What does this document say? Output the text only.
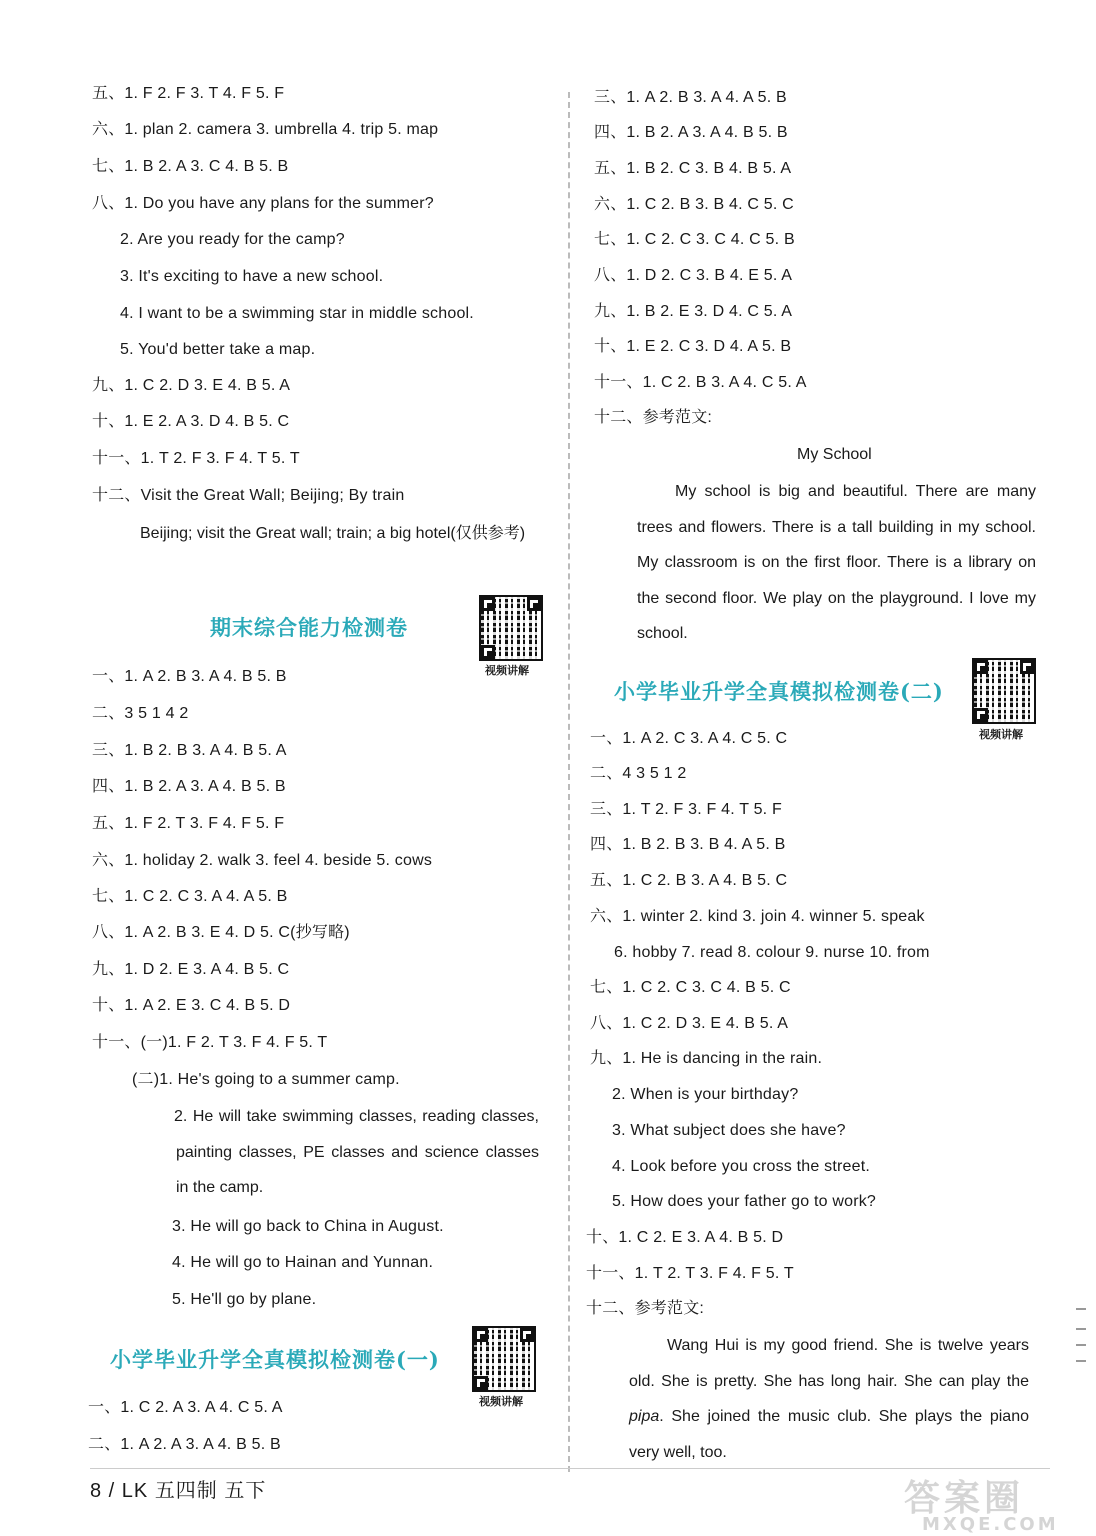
五、1. F 2. F 3. T 4. F 5. F
六、1. plan 2. camera 3. umbrella 4. trip 5. map
七、1. B 2. A 3. C 4. B 5. B
八、1. Do you have any plans for the summer?
2. Are you ready for the camp?
3. It's exciting to have a new school.
4. I want to be a swimming star in middle school.
5. You'd better take a map.
九、1. C 2. D 3. E 4. B 5. A
十、1. E 2. A 3. D 4. B 5. C
十一、1. T 2. F 3. F 4. T 5. T
十二、Visit the Great Wall; Beijing; By train
Beijing; visit the Great wall; train; a big hotel(仅供参考)
期末综合能力检测卷
视频讲解
一、1. A 2. B 3. A 4. B 5. B
二、3 5 1 4 2
三、1. B 2. B 3. A 4. B 5. A
四、1. B 2. A 3. A 4. B 5. B
五、1. F 2. T 3. F 4. F 5. F
六、1. holiday 2. walk 3. feel 4. beside 5. cows
七、1. C 2. C 3. A 4. A 5. B
八、1. A 2. B 3. E 4. D 5. C(抄写略)
九、1. D 2. E 3. A 4. B 5. C
十、1. A 2. E 3. C 4. B 5. D
十一、(一)1. F 2. T 3. F 4. F 5. T
(二)1. He's going to a summer camp.
2. He will take swimming classes, reading classes, painting classes, PE classes and science classes in the camp.
3. He will go back to China in August.
4. He will go to Hainan and Yunnan.
5. He'll go by plane.
小学毕业升学全真模拟检测卷(一)
视频讲解
一、1. C 2. A 3. A 4. C 5. A
二、1. A 2. A 3. A 4. B 5. B
三、1. A 2. B 3. A 4. A 5. B
四、1. B 2. A 3. A 4. B 5. B
五、1. B 2. C 3. B 4. B 5. A
六、1. C 2. B 3. B 4. C 5. C
七、1. C 2. C 3. C 4. C 5. B
八、1. D 2. C 3. B 4. E 5. A
九、1. B 2. E 3. D 4. C 5. A
十、1. E 2. C 3. D 4. A 5. B
十一、1. C 2. B 3. A 4. C 5. A
十二、参考范文:
My School
My school is big and beautiful. There are many trees and flowers. There is a tall building in my school. My classroom is on the first floor. There is a library on the second floor. We play on the playground. I love my school.
小学毕业升学全真模拟检测卷(二)
视频讲解
一、1. A 2. C 3. A 4. C 5. C
二、4 3 5 1 2
三、1. T 2. F 3. F 4. T 5. F
四、1. B 2. B 3. B 4. A 5. B
五、1. C 2. B 3. A 4. B 5. C
六、1. winter 2. kind 3. join 4. winner 5. speak
6. hobby 7. read 8. colour 9. nurse 10. from
七、1. C 2. C 3. C 4. B 5. C
八、1. C 2. D 3. E 4. B 5. A
九、1. He is dancing in the rain.
2. When is your birthday?
3. What subject does she have?
4. Look before you cross the street.
5. How does your father go to work?
十、1. C 2. E 3. A 4. B 5. D
十一、1. T 2. T 3. F 4. F 5. T
十二、参考范文:
Wang Hui is my good friend. She is twelve years old. She is pretty. She has long hair. She can play the pipa. She joined the music club. She plays the piano very well, too.
8 / LK 五四制 五下	答案圈
MXQE.COM
